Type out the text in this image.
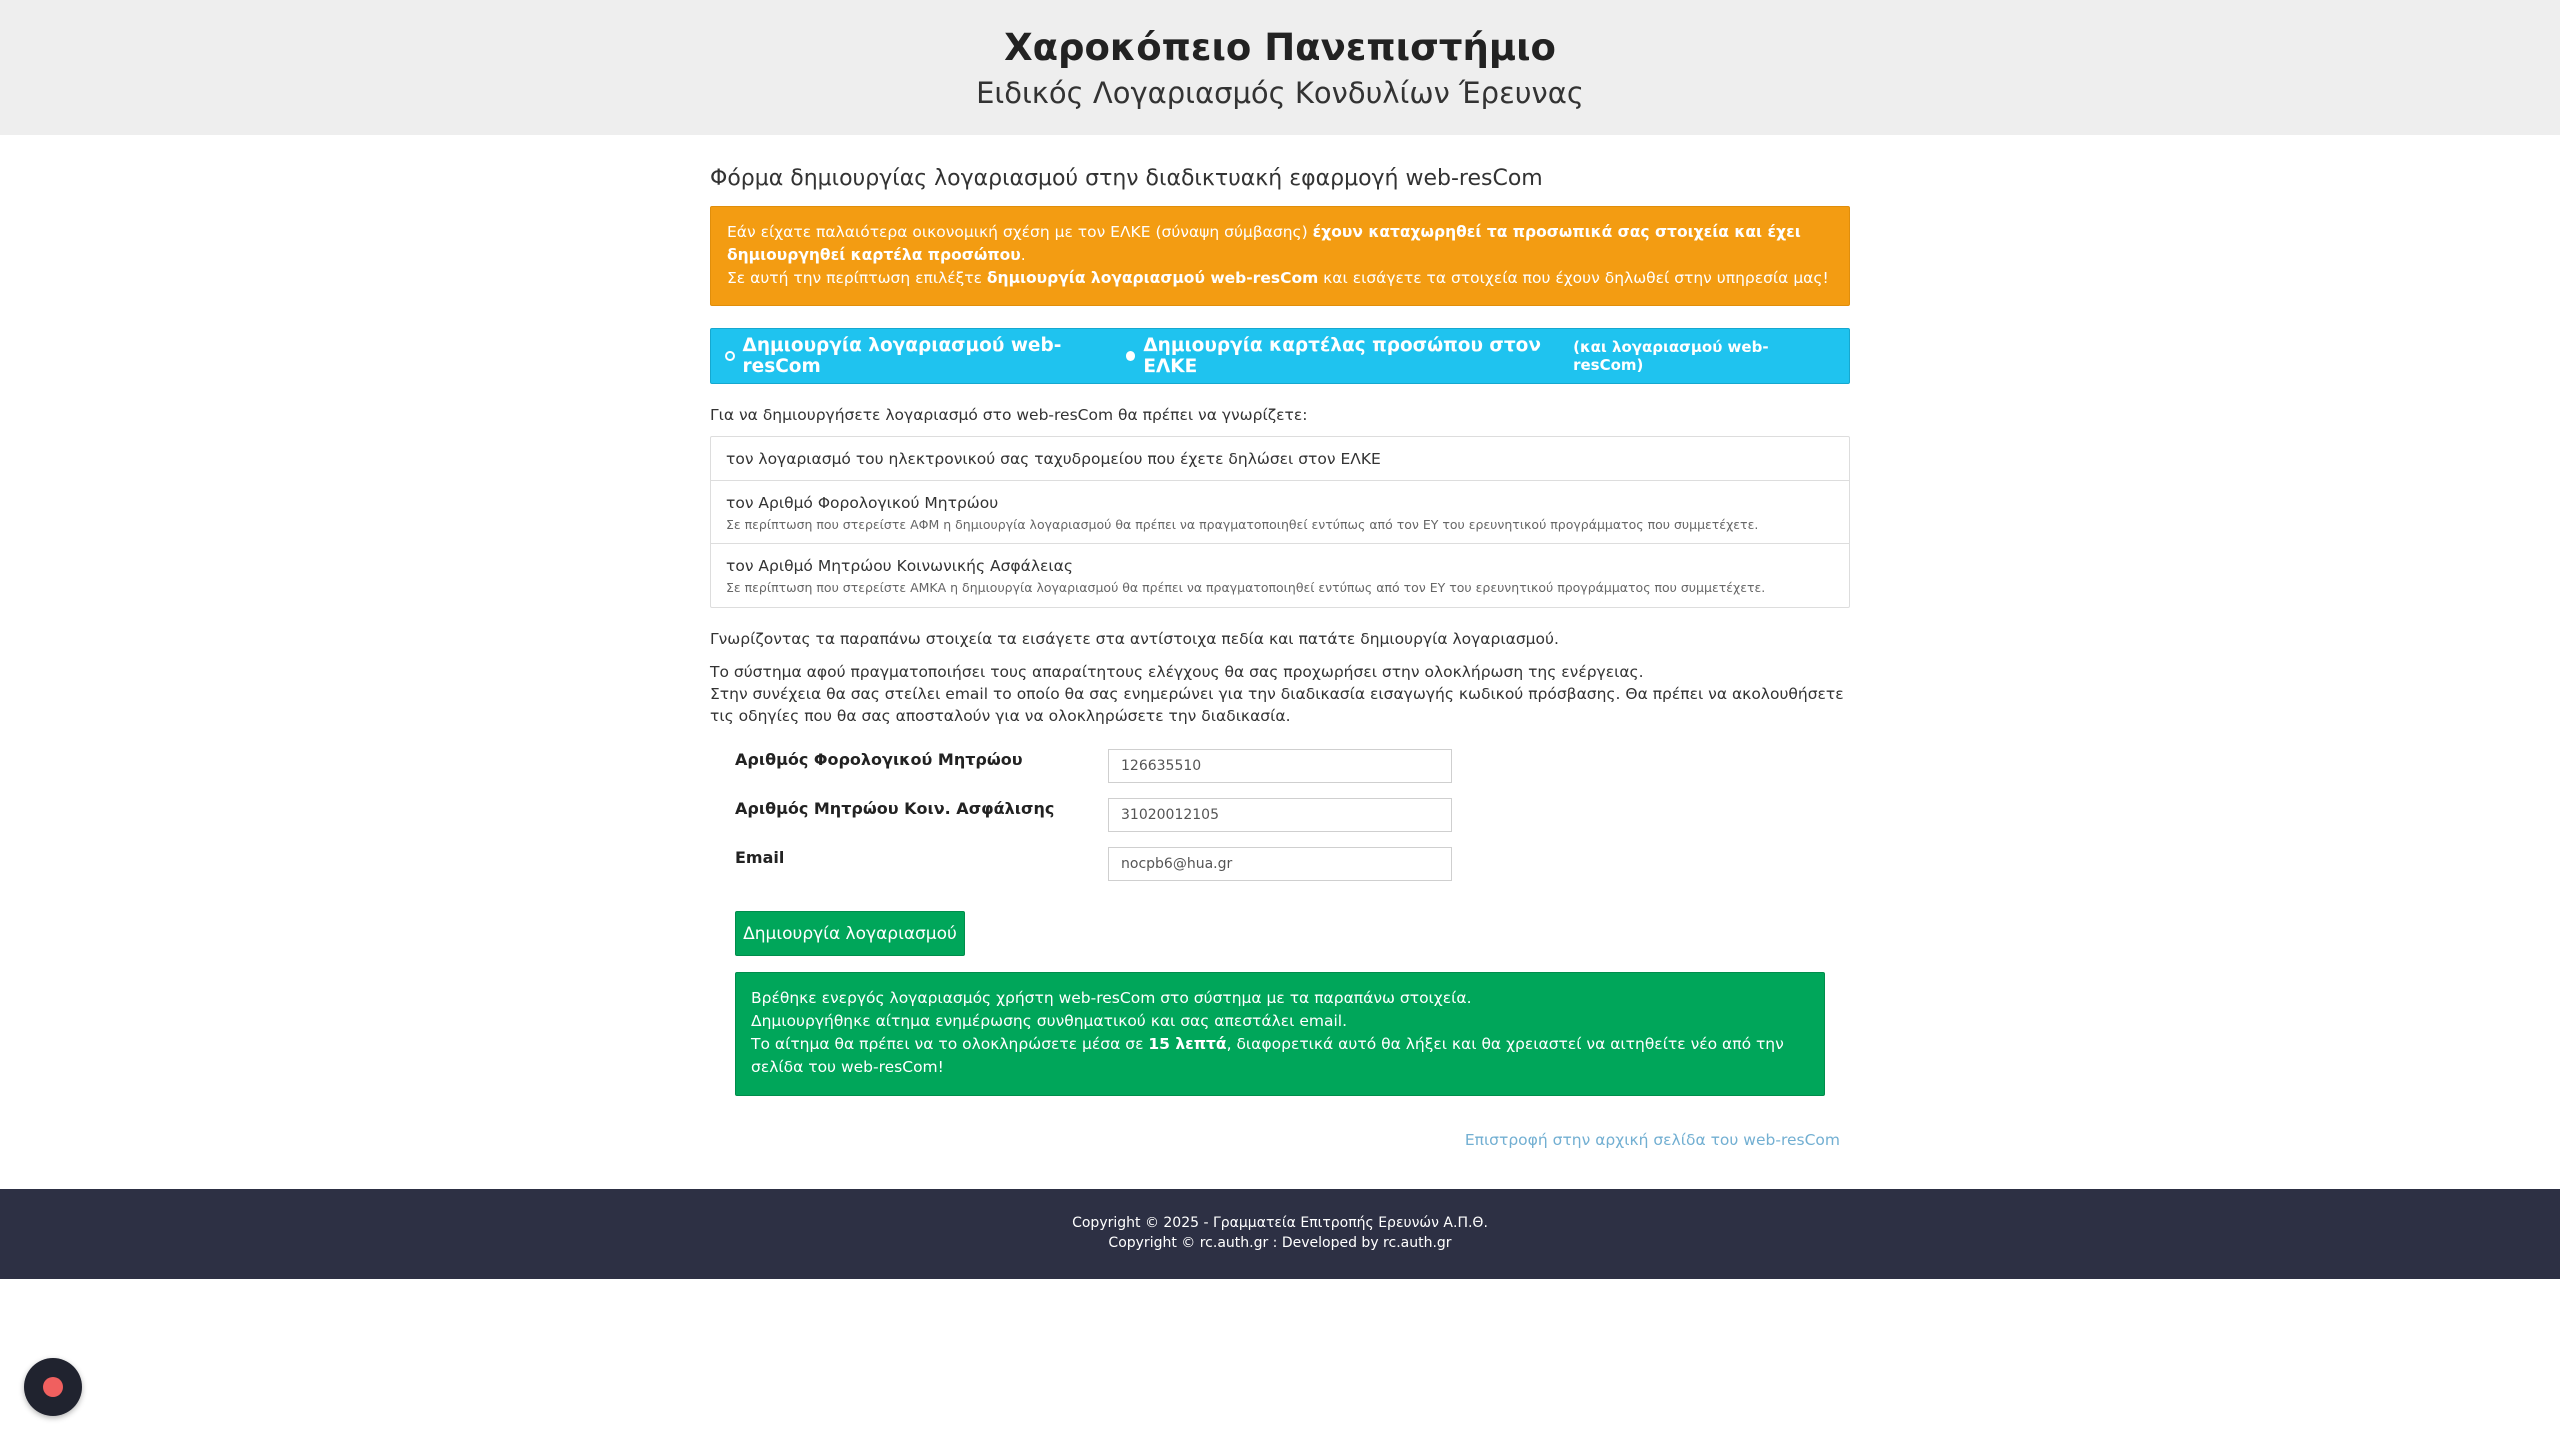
Χαροκόπειο Πανεπιστήμιο
Ειδικός Λογαριασμός Κονδυλίων Έρευνας
Φόρμα δημιουργίας λογαριασμού στην διαδικτυακή εφαρμογή web-resCom
Εάν είχατε παλαιότερα οικονομική σχέση με τον ΕΛΚΕ (σύναψη σύμβασης) έχουν καταχωρηθεί τα προσωπικά σας στοιχεία και έχει δημιουργηθεί καρτέλα προσώπου.
Σε αυτή την περίπτωση επιλέξτε δημιουργία λογαριασμού web-resCom και εισάγετε τα στοιχεία που έχουν δηλωθεί στην υπηρεσία μας!
Δημιουργία λογαριασμού web-resCom
Δημιουργία καρτέλας προσώπου στον ΕΛΚΕ
(και λογαριασμού web-resCom)
Για να δημιουργήσετε λογαριασμό στο web-resCom θα πρέπει να γνωρίζετε:
τον λογαριασμό του ηλεκτρονικού σας ταχυδρομείου που έχετε δηλώσει στον ΕΛΚΕ
τον Αριθμό Φορολογικού Μητρώου
Σε περίπτωση που στερείστε ΑΦΜ η δημιουργία λογαριασμού θα πρέπει να πραγματοποιηθεί εντύπως από τον ΕΥ του ερευνητικού προγράμματος που συμμετέχετε.
τον Αριθμό Μητρώου Κοινωνικής Ασφάλειας
Σε περίπτωση που στερείστε ΑΜΚΑ η δημιουργία λογαριασμού θα πρέπει να πραγματοποιηθεί εντύπως από τον ΕΥ του ερευνητικού προγράμματος που συμμετέχετε.
Γνωρίζοντας τα παραπάνω στοιχεία τα εισάγετε στα αντίστοιχα πεδία και πατάτε δημιουργία λογαριασμού.
Το σύστημα αφού πραγματοποιήσει τους απαραίτητους ελέγχους θα σας προχωρήσει στην ολοκλήρωση της ενέργειας.
Στην συνέχεια θα σας στείλει email το οποίο θα σας ενημερώνει για την διαδικασία εισαγωγής κωδικού πρόσβασης. Θα πρέπει να ακολουθήσετε τις οδηγίες που θα σας αποσταλούν για να ολοκληρώσετε την διαδικασία.
Αριθμός Φορολογικού Μητρώου
126635510
Αριθμός Μητρώου Κοιν. Ασφάλισης
31020012105
Email
nocpb6@hua.gr
Δημιουργία λογαριασμού
Βρέθηκε ενεργός λογαριασμός χρήστη web-resCom στο σύστημα με τα παραπάνω στοιχεία.
Δημιουργήθηκε αίτημα ενημέρωσης συνθηματικού και σας απεστάλει email.
Το αίτημα θα πρέπει να το ολοκληρώσετε μέσα σε 15 λεπτά, διαφορετικά αυτό θα λήξει και θα χρειαστεί να αιτηθείτε νέο από την σελίδα του web-resCom!
Επιστροφή στην αρχική σελίδα του web-resCom
Copyright © 2025 - Γραμματεία Επιτροπής Ερευνών Α.Π.Θ.
Copyright © rc.auth.gr : Developed by rc.auth.gr
